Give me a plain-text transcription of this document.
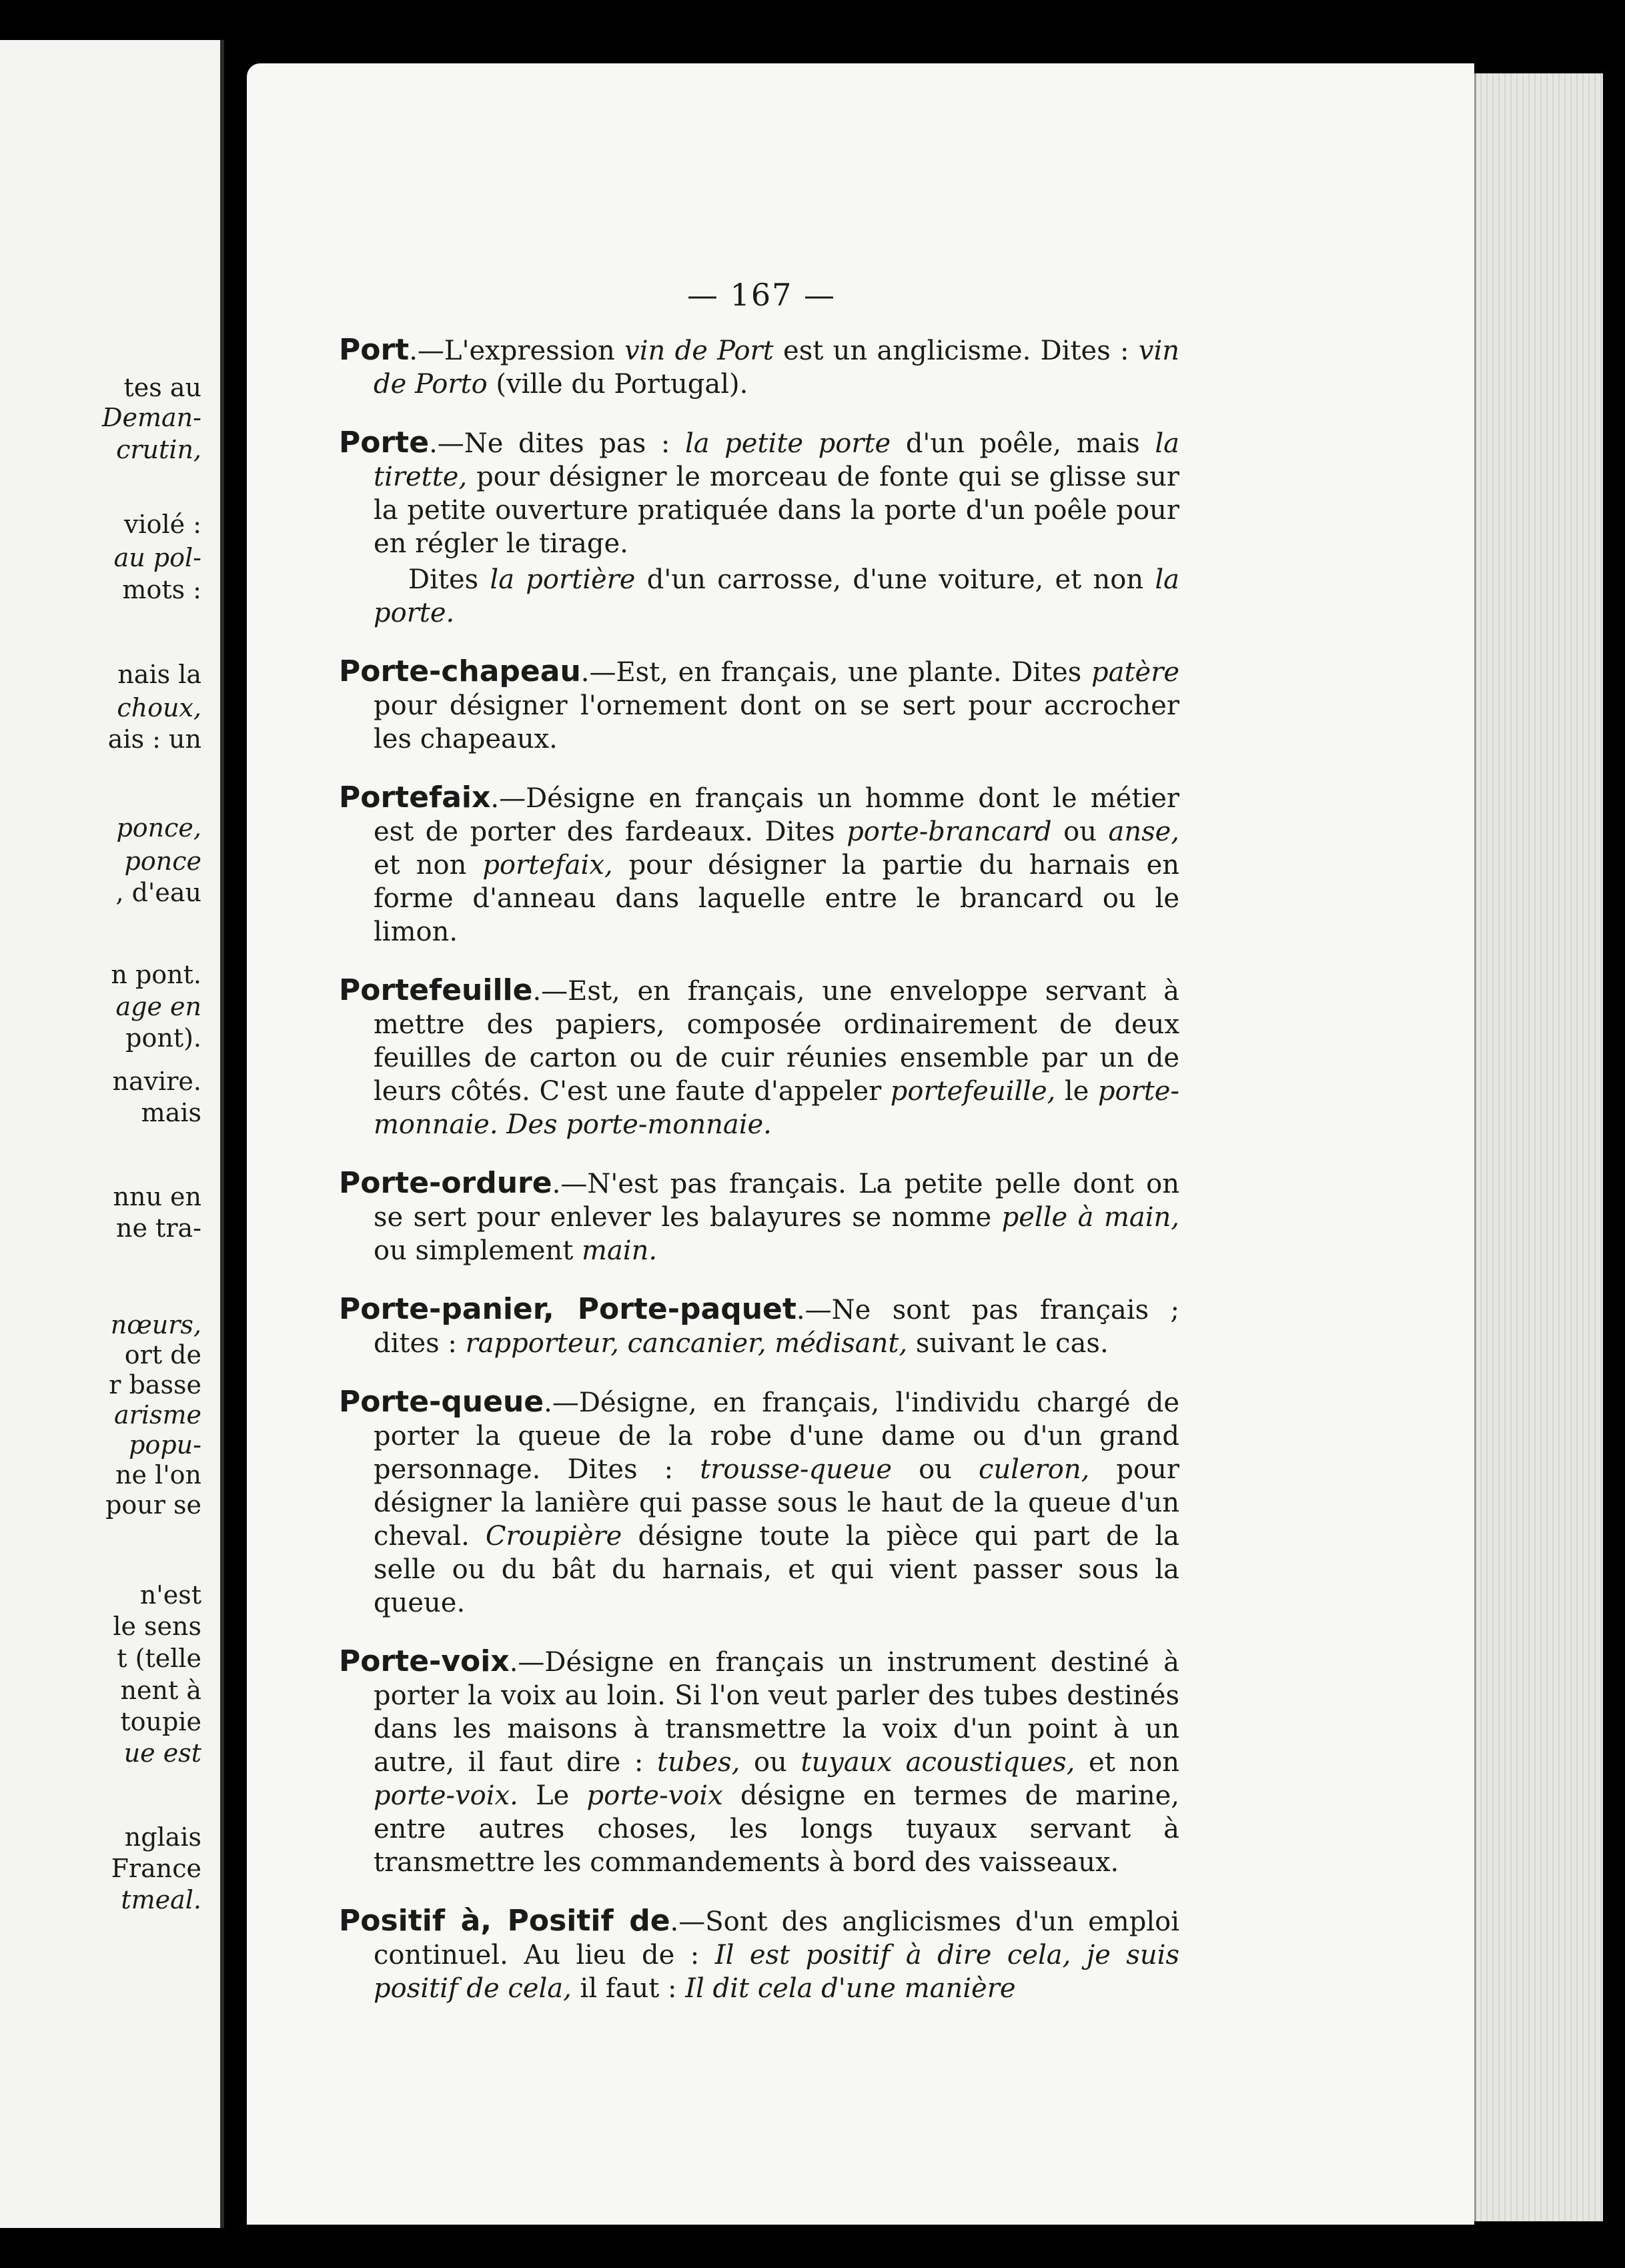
tes au
Deman-
crutin,
violé :
au pol-
mots :
nais la
choux,
ais : un
ponce,
ponce
, d'eau
n pont.
age en
pont).
navire.
mais
nnu en
ne tra-
nœurs,
ort de
r basse
arisme
popu-
ne l'on
pour se
n'est
le sens
t (telle
nent à
toupie
ue est
nglais
France
tmeal.
— 167 —
Port.—L'expression vin de Port est un anglicisme. Dites : vin de Porto (ville du Portugal).
Porte.—Ne dites pas : la petite porte d'un poêle, mais la tirette, pour désigner le morceau de fonte qui se glisse sur la petite ouverture pratiquée dans la porte d'un poêle pour en régler le tirage.
Dites la portière d'un carrosse, d'une voiture, et non la porte.
Porte-chapeau.—Est, en français, une plante. Dites patère pour désigner l'ornement dont on se sert pour accrocher les chapeaux.
Portefaix.—Désigne en français un homme dont le métier est de porter des fardeaux. Dites porte-brancard ou anse, et non portefaix, pour désigner la partie du harnais en forme d'anneau dans laquelle entre le brancard ou le limon.
Portefeuille.—Est, en français, une enveloppe servant à mettre des papiers, composée ordinairement de deux feuilles de carton ou de cuir réunies ensemble par un de leurs côtés. C'est une faute d'appeler portefeuille, le porte-monnaie. Des porte-monnaie.
Porte-ordure.—N'est pas français. La petite pelle dont on se sert pour enlever les balayures se nomme pelle à main, ou simplement main.
Porte-panier, Porte-paquet.—Ne sont pas français ; dites : rapporteur, cancanier, médisant, suivant le cas.
Porte-queue.—Désigne, en français, l'individu chargé de porter la queue de la robe d'une dame ou d'un grand personnage. Dites : trousse-queue ou culeron, pour désigner la lanière qui passe sous le haut de la queue d'un cheval. Croupière désigne toute la pièce qui part de la selle ou du bât du harnais, et qui vient passer sous la queue.
Porte-voix.—Désigne en français un instrument destiné à porter la voix au loin. Si l'on veut parler des tubes destinés dans les maisons à transmettre la voix d'un point à un autre, il faut dire : tubes, ou tuyaux acoustiques, et non porte-voix. Le porte-voix désigne en termes de marine, entre autres choses, les longs tuyaux servant à transmettre les commandements à bord des vaisseaux.
Positif à, Positif de.—Sont des anglicismes d'un emploi continuel. Au lieu de : Il est positif à dire cela, je suis positif de cela, il faut : Il dit cela d'une manière
